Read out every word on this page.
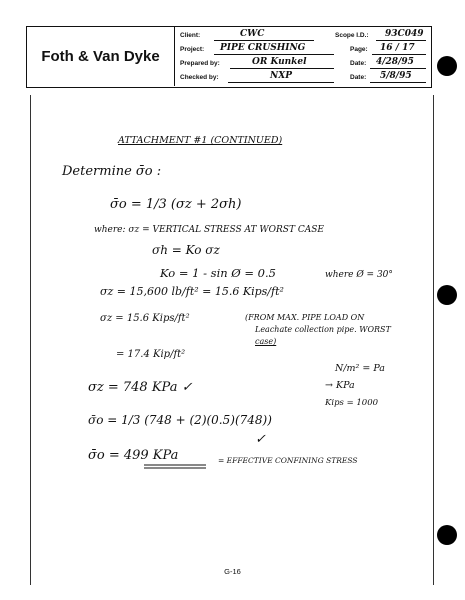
Foth & Van Dyke
Client:	CWC	Scope I.D.: 93C049
Project: PIPE CRUSHING	Page: 16 / 17
Prepared by:	OR Kunkel	Date: 4/28/95
Checked by:	NXP	Date: 5/8/95
ATTACHMENT #1 (CONTINUED)
Determine σ̄o :
σ̄o = 1/3 (σz + 2σh)
where: σz = VERTICAL STRESS AT WORST CASE
σh = Ko σz
Ko = 1 - sin Ø = 0.5	where Ø = 30°
σz = 15,600 lb/ft² = 15.6 Kips/ft²
σz = 15.6 Kips/ft²	(FROM MAX. PIPE LOAD ON
Leachate collection pipe. WORST
case)
= 17.4 Kip/ft²
N/m² = Pa
→ KPa
Kips = 1000
σz = 748 KPa ✓
σ̄o = 1/3 (748 + (2)(0.5)(748))
✓
σ̄o = 499 KPa	= EFFECTIVE CONFINING STRESS
G-16
